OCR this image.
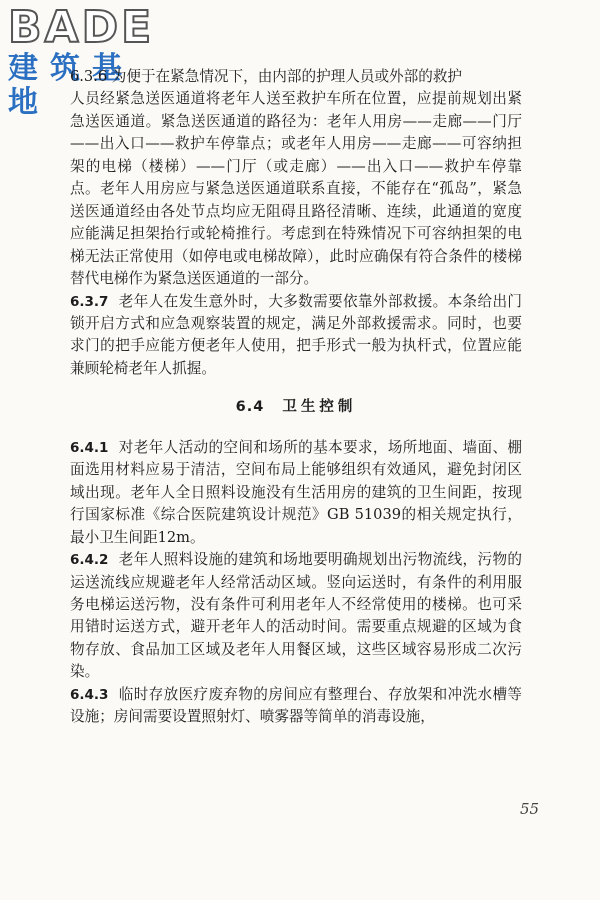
BADE
建筑基地

6.3.6 为便于在紧急情况下，由内部的护理人员或外部的救护

人员经紧急送医通道将老年人送至救护车所在位置，应提前规划出紧急送医通道。紧急送医通道的路径为：老年人用房——走廊——门厅——出入口——救护车停靠点；或老年人用房——走廊——可容纳担架的电梯（楼梯）——门厅（或走廊）——出入口——救护车停靠点。老年人用房应与紧急送医通道联系直接，不能存在“孤岛”，紧急送医通道经由各处节点均应无阻碍且路径清晰、连续，此通道的宽度应能满足担架抬行或轮椅推行。考虑到在特殊情况下可容纳担架的电梯无法正常使用（如停电或电梯故障），此时应确保有符合条件的楼梯替代电梯作为紧急送医通道的一部分。

6.3.7 老年人在发生意外时，大多数需要依靠外部救援。本条给出门锁开启方式和应急观察装置的规定，满足外部救援需求。同时，也要求门的把手应能方便老年人使用，把手形式一般为执杆式，位置应能兼顾轮椅老年人抓握。

6.4 卫生控制

6.4.1 对老年人活动的空间和场所的基本要求，场所地面、墙面、棚面选用材料应易于清洁，空间布局上能够组织有效通风，避免封闭区域出现。老年人全日照料设施没有生活用房的建筑的卫生间距，按现行国家标准《综合医院建筑设计规范》GB 51039的相关规定执行，最小卫生间距12m。

6.4.2 老年人照料设施的建筑和场地要明确规划出污物流线，污物的运送流线应规避老年人经常活动区域。竖向运送时，有条件的利用服务电梯运送污物，没有条件可利用老年人不经常使用的楼梯。也可采用错时运送方式，避开老年人的活动时间。需要重点规避的区域为食物存放、食品加工区域及老年人用餐区域，这些区域容易形成二次污染。

6.4.3 临时存放医疗废弃物的房间应有整理台、存放架和冲洗水槽等设施；房间需要设置照射灯、喷雾器等简单的消毒设施，

55
